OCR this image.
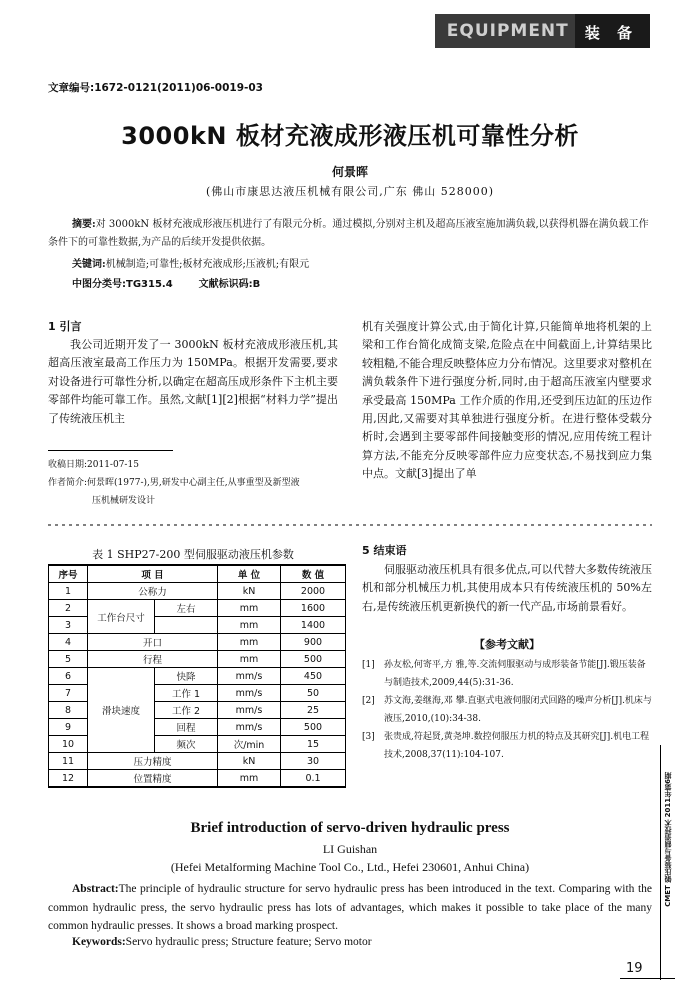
EQUIPMENT	装 备
文章编号:1672-0121(2011)06-0019-03
3000kN 板材充液成形液压机可靠性分析
何景晖
(佛山市康思达液压机械有限公司,广东 佛山 528000)
摘要:对 3000kN 板材充液成形液压机进行了有限元分析。通过模拟,分别对主机及超高压液室施加满负载,以获得机器在满负载工作条件下的可靠性数据,为产品的后续开发提供依据。
关键词:机械制造;可靠性;板材充液成形;压液机;有限元
中图分类号:TG315.4	文献标识码:B
1 引言
我公司近期开发了一 3000kN 板材充液成形液压机,其超高压液室最高工作压力为 150MPa。根据开发需要,要求对设备进行可靠性分析,以确定在超高压成形条件下主机主要零部件均能可靠工作。虽然,文献[1][2]根据“材料力学”提出了传统液压机主
机有关强度计算公式,由于简化计算,只能简单地将机架的上梁和工作台简化成简支梁,危险点在中间截面上,计算结果比较粗糙,不能合理反映整体应力分布情况。这里要求对整机在满负载条件下进行强度分析,同时,由于超高压液室内壁要求承受最高 150MPa 工作介质的作用,还受到压边缸的压边作用,因此,又需要对其单独进行强度分析。在进行整体受载分析时,会遇到主要零部件间接触变形的情况,应用传统工程计算方法,不能充分反映零部件应力应变状态,不易找到应力集中点。文献[3]提出了单
收稿日期:2011-07-15
作者简介:何景晖(1977-),男,研发中心副主任,从事重型及新型液
压机械研发设计
表 1 SHP27-200 型伺服驱动液压机参数
序号	项 目		单 位	数 值
1	公称力		kN	2000
2	工作台尺寸	左右	mm	1600
3			mm	1400
4	开口		mm	900
5	行程		mm	500
6	滑块速度	快降	mm/s	450
7		工作 1	mm/s	50
8		工作 2	mm/s	25
9		回程	mm/s	500
10		频次	次/min	15
11	压力精度		kN	30
12	位置精度		mm	0.1
5 结束语
伺服驱动液压机具有很多优点,可以代替大多数传统液压机和部分机械压力机,其使用成本只有传统液压机的 50%左右,是传统液压机更新换代的新一代产品,市场前景看好。
【参考文献】
[1]	孙友松,何寄平,方 雅,等.交流伺服驱动与成形装备节能[J].锻压装备与制造技术,2009,44(5):31-36.
[2]	苏文海,姜继海,邓 攀.直驱式电液伺服闭式回路的噪声分析[J].机床与液压,2010,(10):34-38.
[3]	张贵成,符起贤,黄尧坤.数控伺服压力机的特点及其研究[J].机电工程技术,2008,37(11):104-107.
Brief introduction of servo-driven hydraulic press
LI Guishan
(Hefei Metalforming Machine Tool Co., Ltd., Hefei 230601, Anhui China)
Abstract:The principle of hydraulic structure for servo hydraulic press has been introduced in the text. Comparing with the common hydraulic press, the servo hydraulic press has lots of advantages, which makes it possible to take place of the many common hydraulic presses. It shows a broad marking prospect.
Keywords:Servo hydraulic press; Structure feature; Servo motor
CMET 锻压装备与制造技术 2011年第6期
19
